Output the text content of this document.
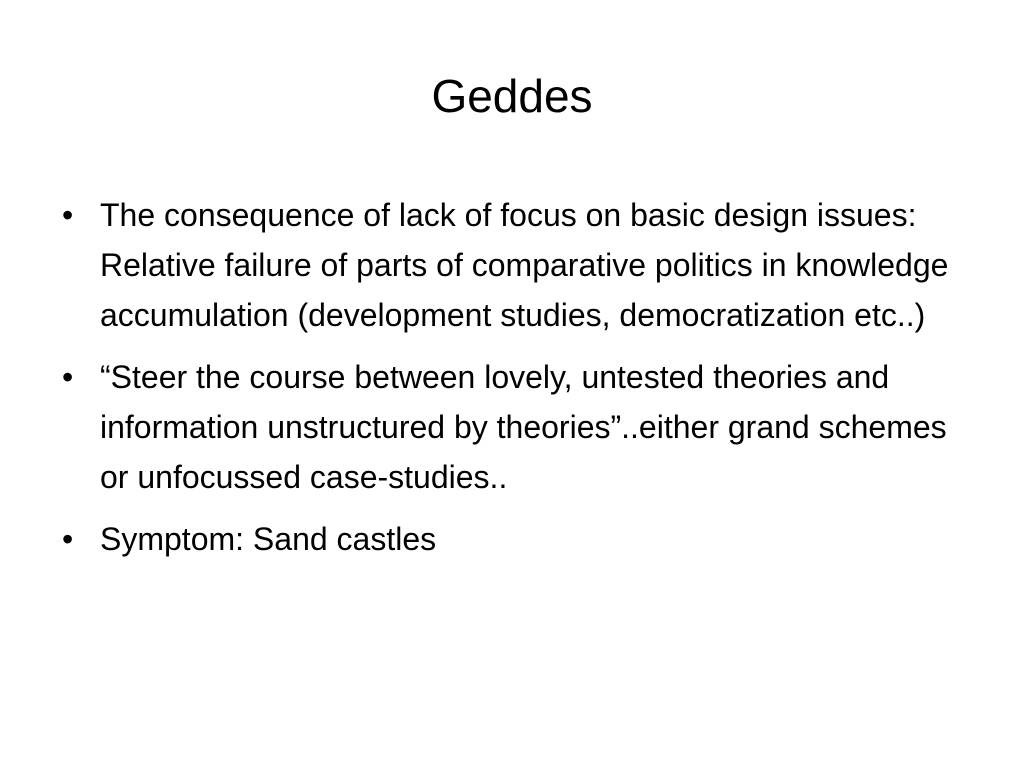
Geddes
• The consequence of lack of focus on basic design issues: Relative failure of parts of comparative politics in knowledge accumulation (development studies, democratization etc..)
• “Steer the course between lovely, untested theories and information unstructured by theories”..either grand schemes or unfocussed case-studies..
• Symptom: Sand castles
